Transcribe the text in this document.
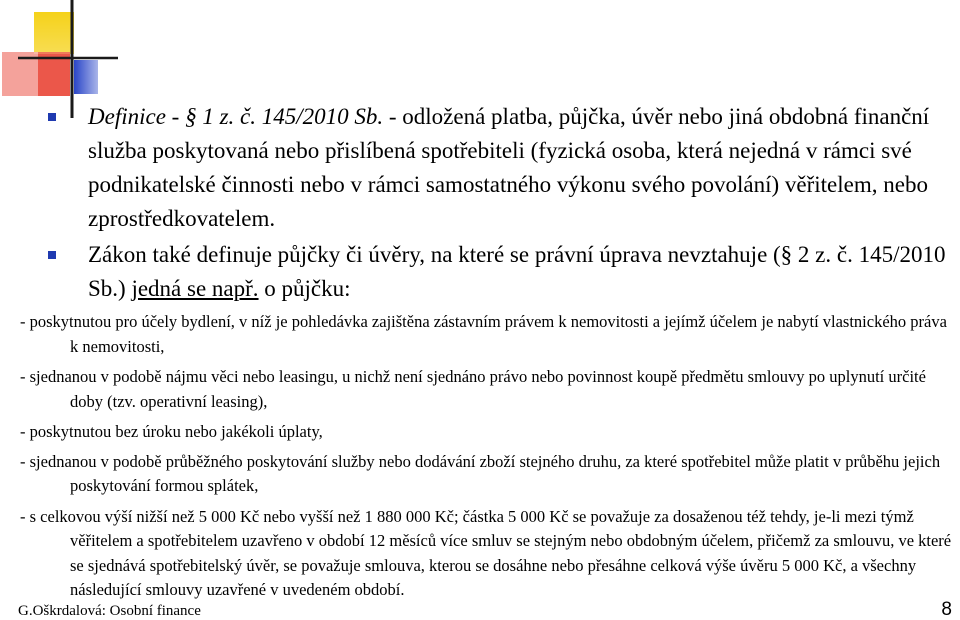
Definice - § 1 z. č. 145/2010 Sb. - odložená platba, půjčka, úvěr nebo jiná obdobná finanční služba poskytovaná nebo přislíbená spotřebiteli (fyzická osoba, která nejedná v rámci své podnikatelské činnosti nebo v rámci samostatného výkonu svého povolání) věřitelem, nebo zprostředkovatelem.
Zákon také definuje půjčky či úvěry, na které se právní úprava nevztahuje (§ 2 z. č. 145/2010 Sb.) jedná se např. o půjčku:
- poskytnutou pro účely bydlení, v níž je pohledávka zajištěna zástavním právem k nemovitosti a jejímž účelem je nabytí vlastnického práva k nemovitosti,
- sjednanou v podobě nájmu věci nebo leasingu, u nichž není sjednáno právo nebo povinnost koupě předmětu smlouvy po uplynutí určité doby (tzv. operativní leasing),
- poskytnutou bez úroku nebo jakékoli úplaty,
- sjednanou v podobě průběžného poskytování služby nebo dodávání zboží stejného druhu, za které spotřebitel může platit v průběhu jejich poskytování formou splátek,
- s celkovou výší nižší než 5 000 Kč nebo vyšší než 1 880 000 Kč; částka 5 000 Kč se považuje za dosaženou též tehdy, je-li mezi týmž věřitelem a spotřebitelem uzavřeno v období 12 měsíců více smluv se stejným nebo obdobným účelem, přičemž za smlouvu, ve které se sjednává spotřebitelský úvěr, se považuje smlouva, kterou se dosáhne nebo přesáhne celková výše úvěru 5 000 Kč, a všechny následující smlouvy uzavřené v uvedeném období.
G.Oškrdalová: Osobní finance	8
